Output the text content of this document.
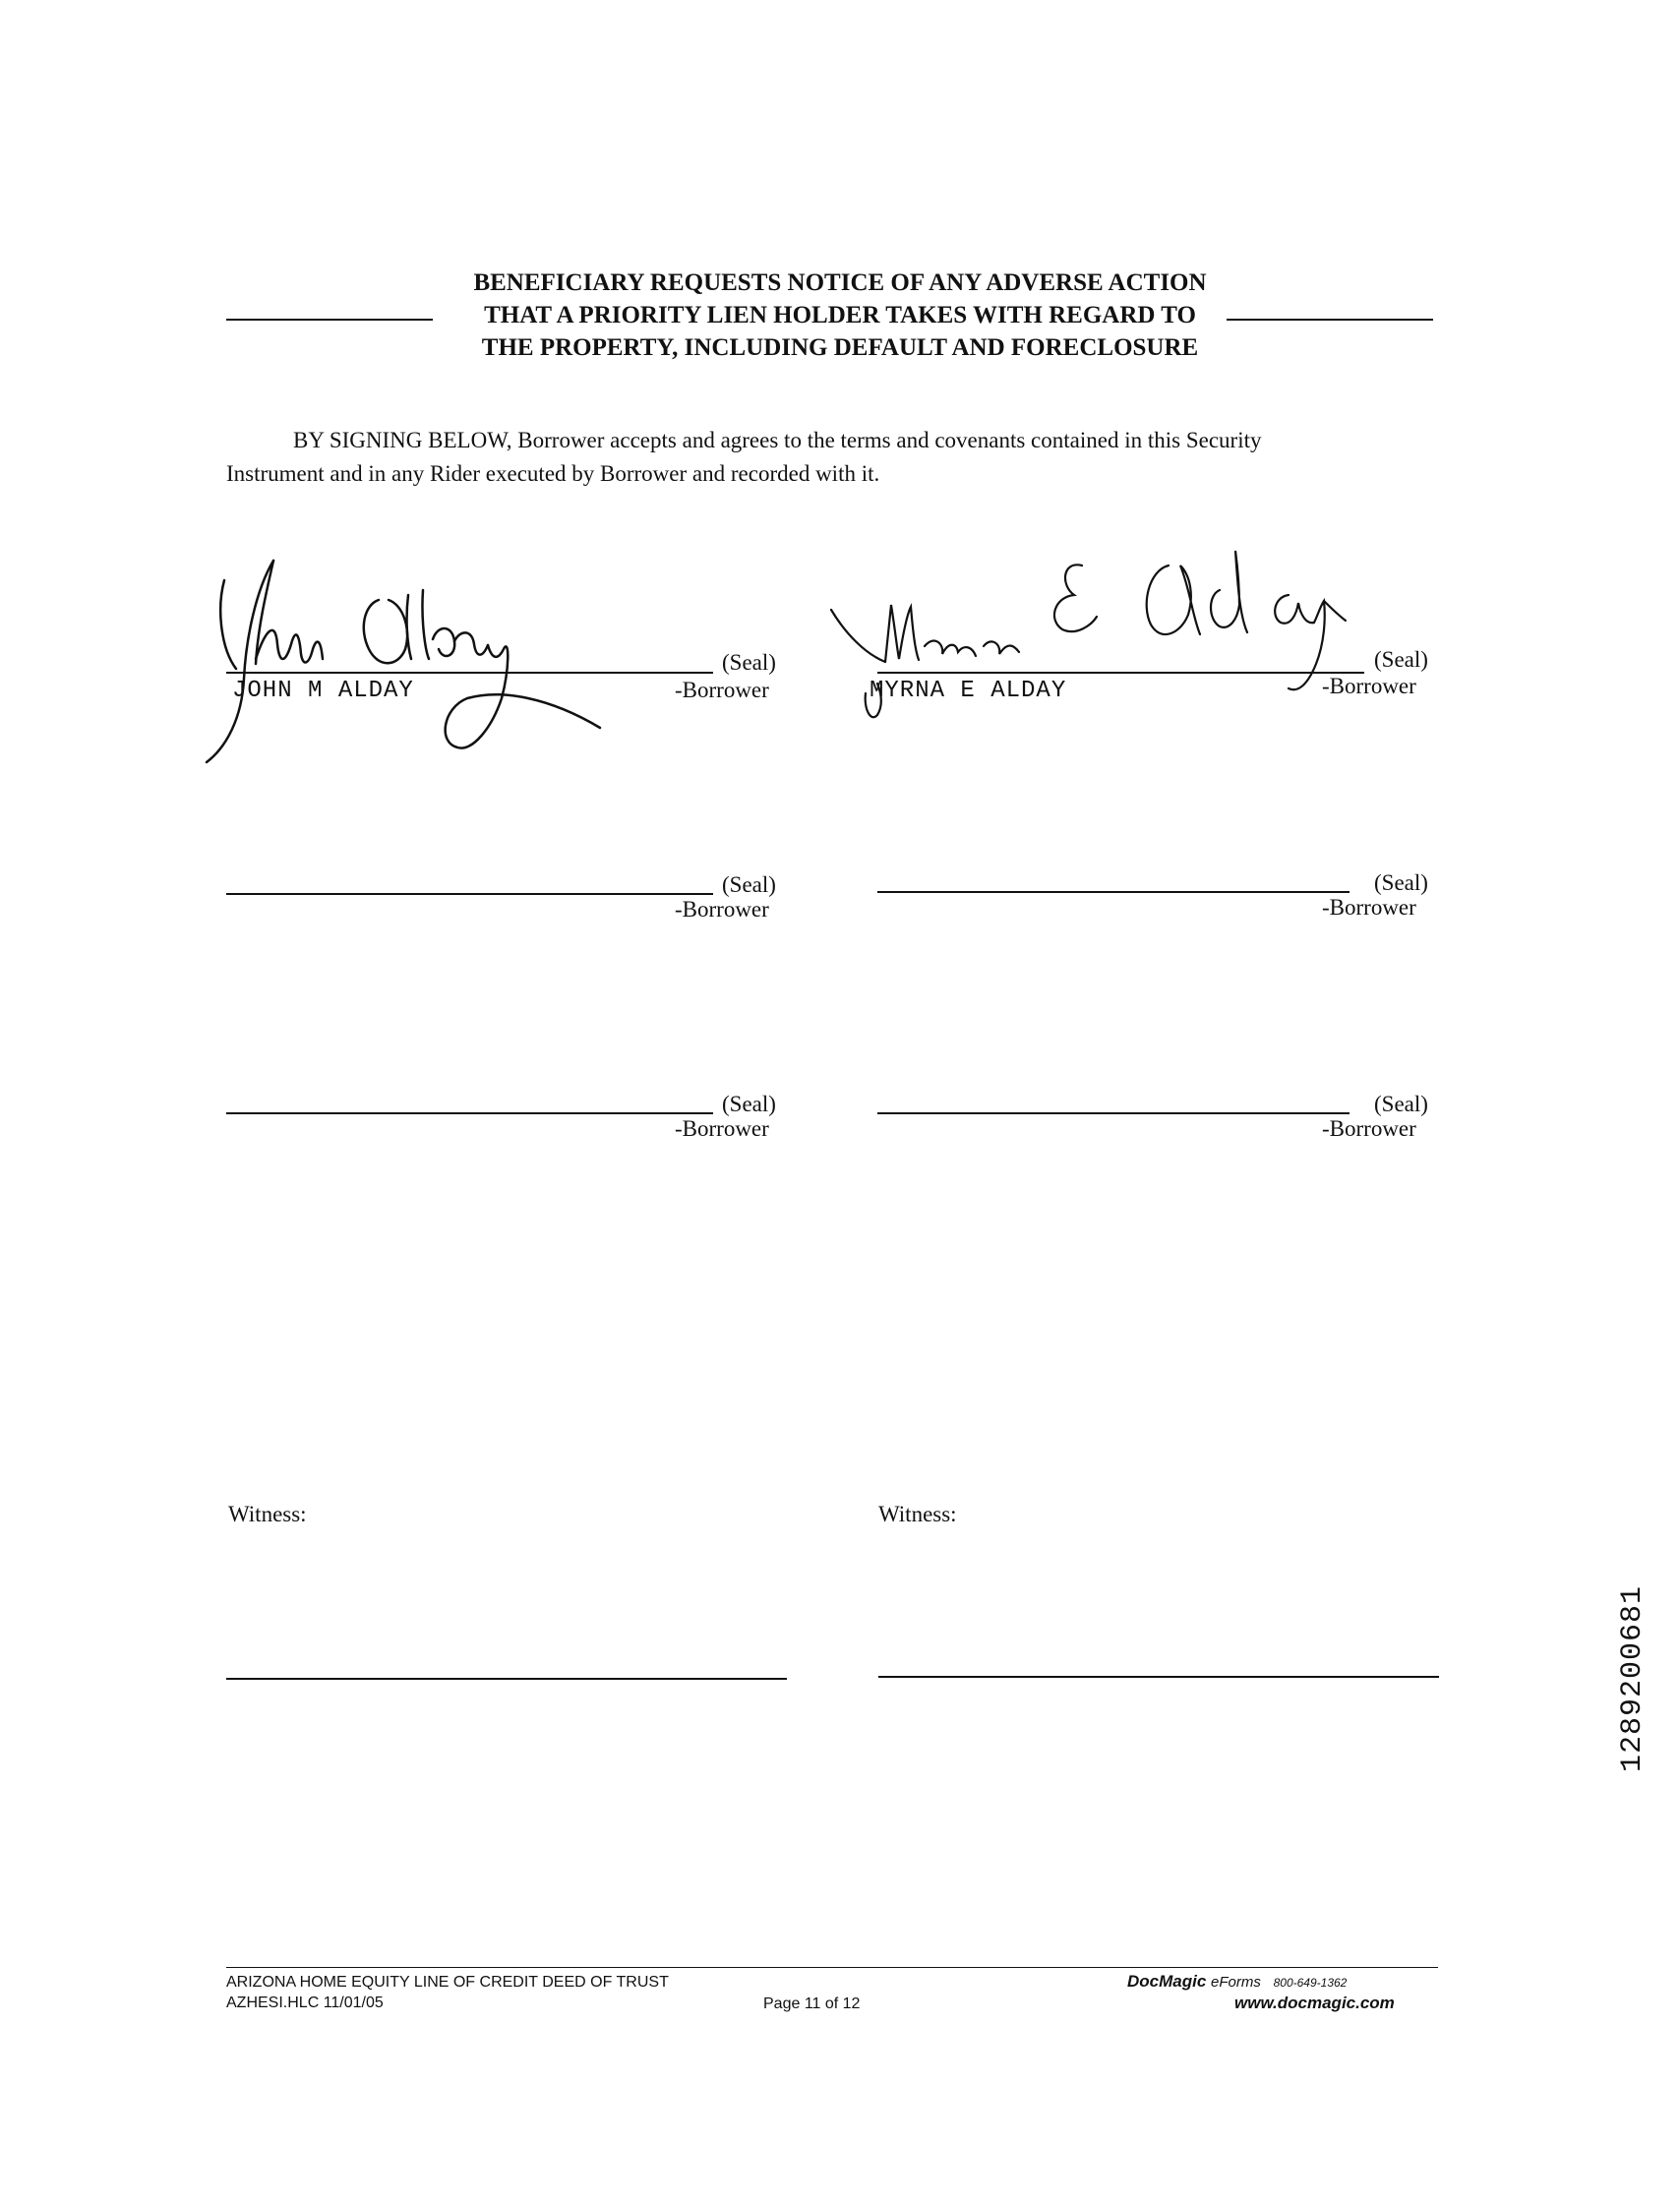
BENEFICIARY REQUESTS NOTICE OF ANY ADVERSE ACTION
THAT A PRIORITY LIEN HOLDER TAKES WITH REGARD TO
THE PROPERTY, INCLUDING DEFAULT AND FORECLOSURE
BY SIGNING BELOW, Borrower accepts and agrees to the terms and covenants contained in this Security
Instrument and in any Rider executed by Borrower and recorded with it.
(Seal)
-Borrower
JOHN M ALDAY
(Seal)
-Borrower
MYRNA E ALDAY
(Seal)
-Borrower
(Seal)
-Borrower
(Seal)
-Borrower
(Seal)
-Borrower
Witness:	Witness:
1289200681
ARIZONA HOME EQUITY LINE OF CREDIT DEED OF TRUST
AZHESI.HLC 11/01/05	Page 11 of 12
DocMagic eForms 800-649-1362
www.docmagic.com
